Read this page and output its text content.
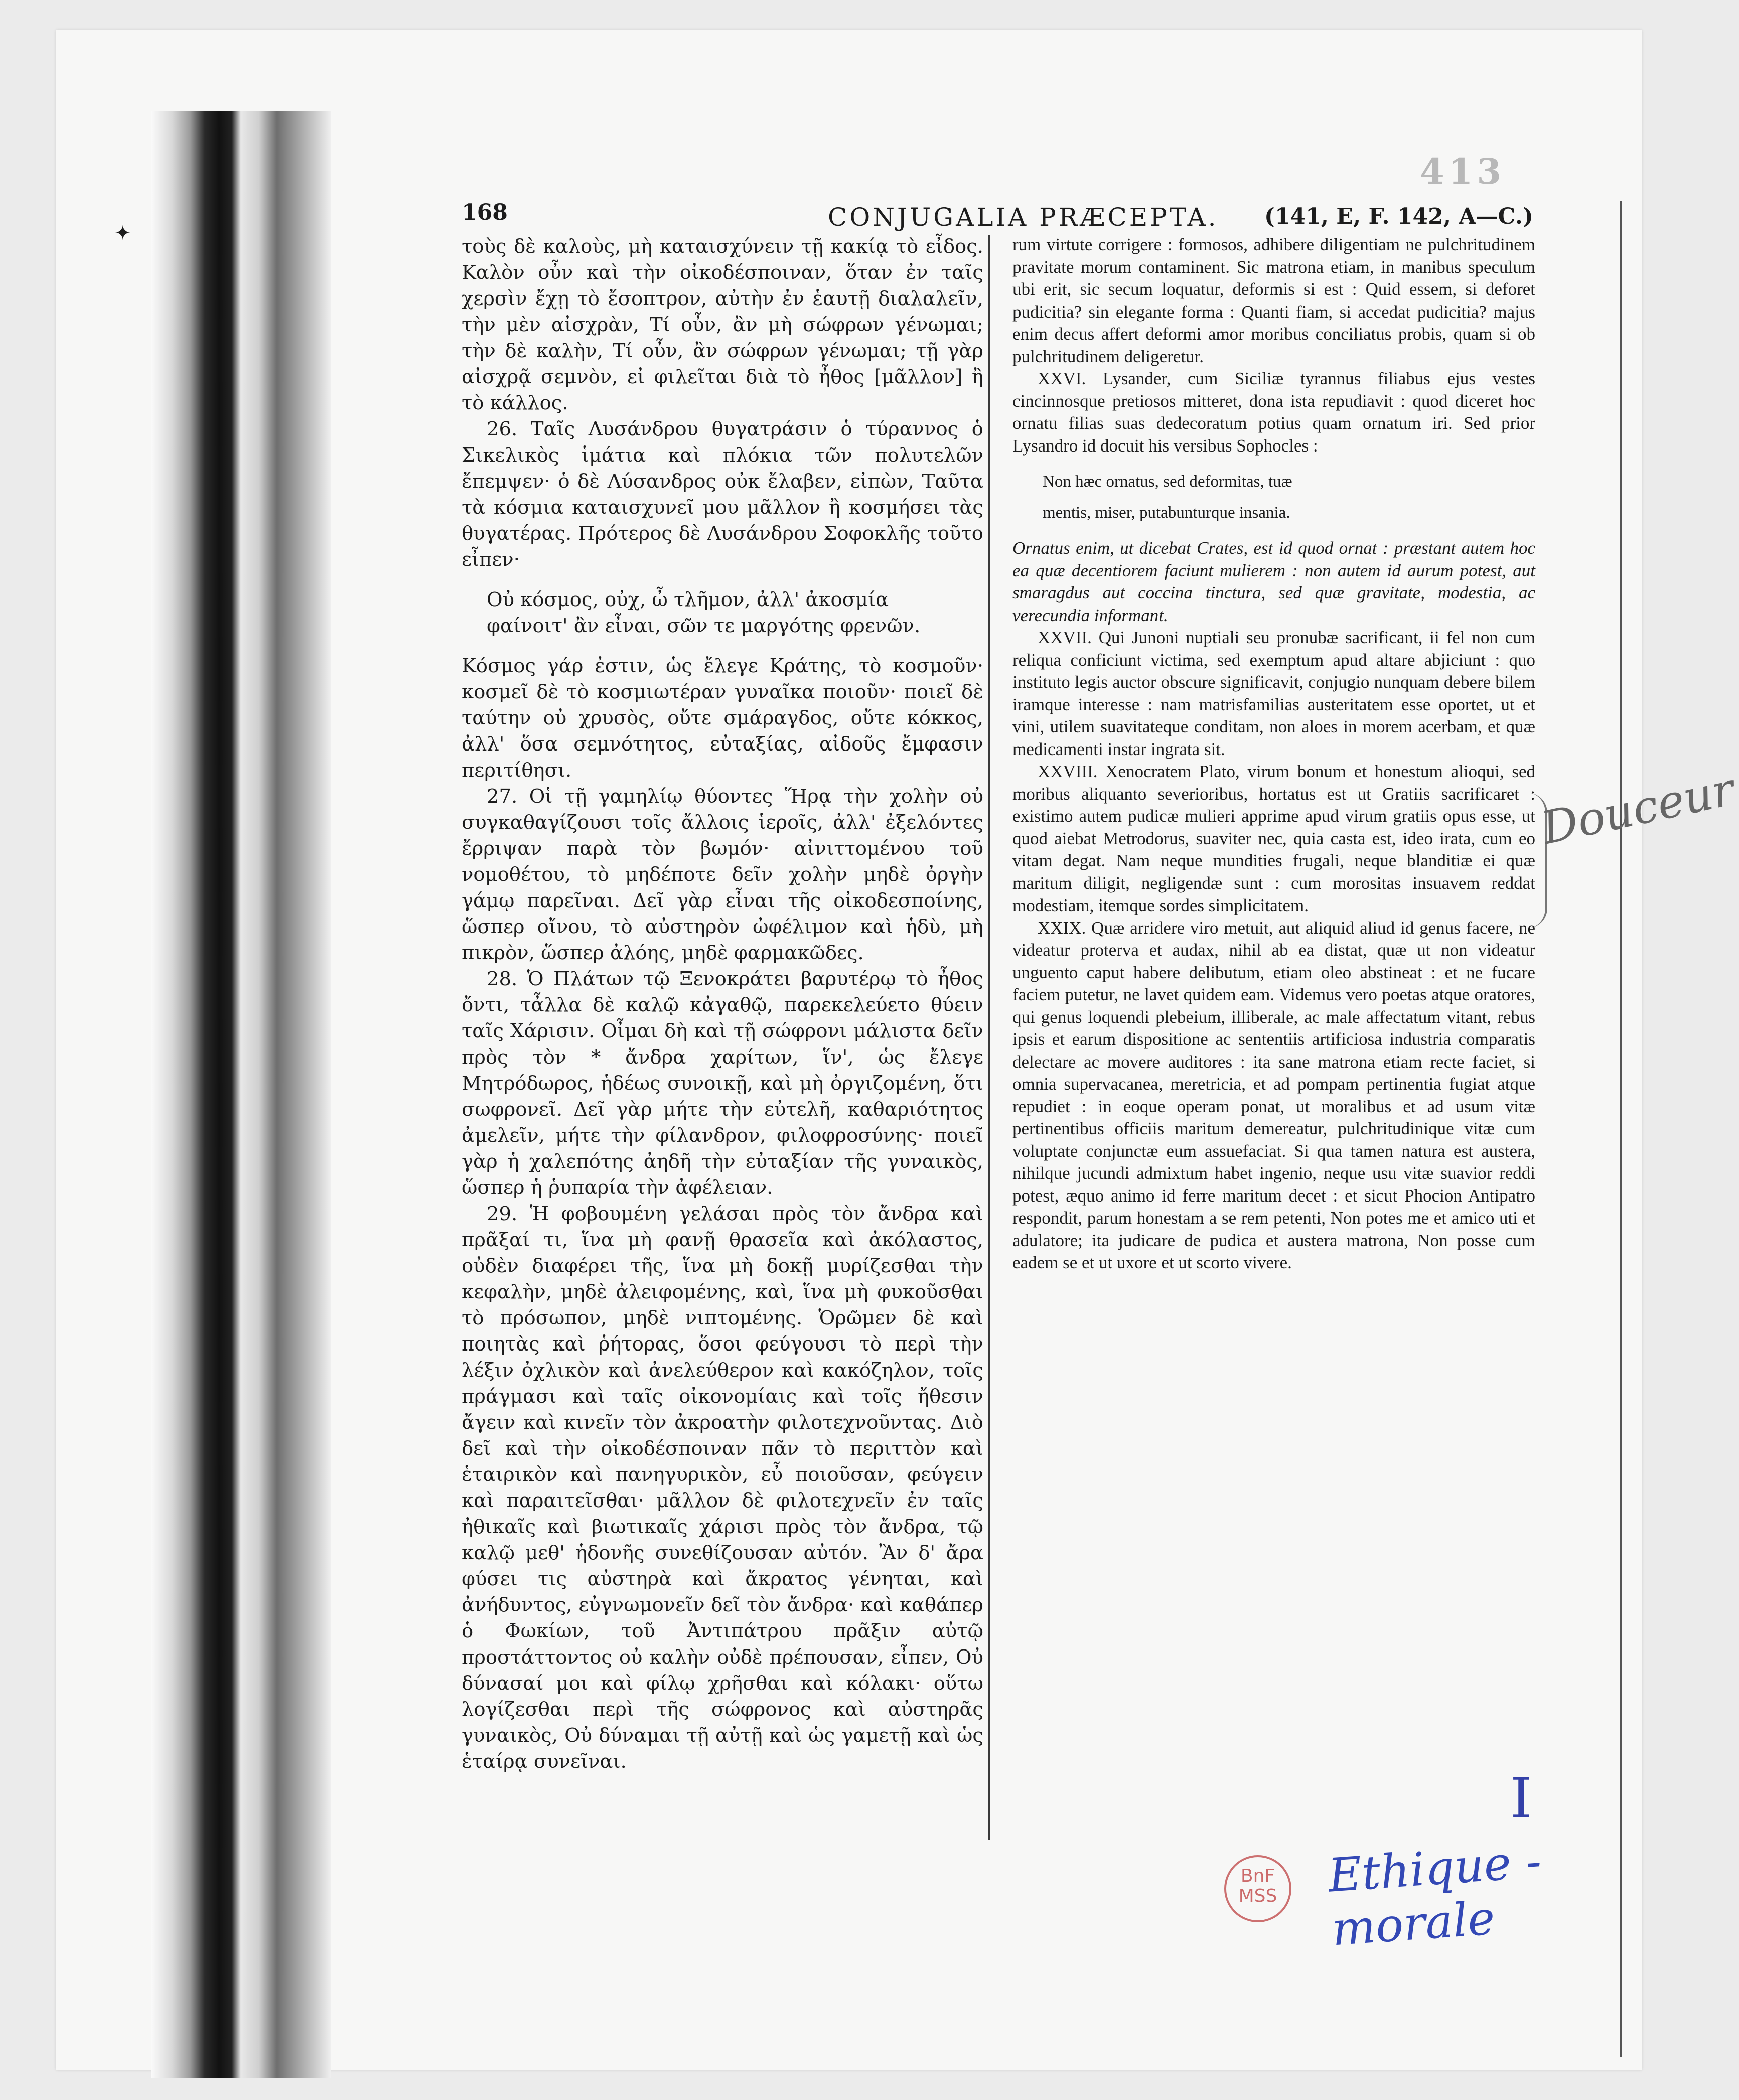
✦
413
168	CONJUGALIA PRÆCEPTA. (141, E, F. 142, A—C.)

τοὺς δὲ καλοὺς, μὴ καταισχύνειν τῇ κακίᾳ τὸ εἶδος. Καλὸν οὖν καὶ τὴν οἰκοδέσποιναν, ὅταν ἐν ταῖς χερσὶν ἔχῃ τὸ ἔσοπτρον, αὐτὴν ἐν ἑαυτῇ διαλαλεῖν, τὴν μὲν αἰσχρὰν, Τί οὖν, ἂν μὴ σώφρων γένωμαι; τὴν δὲ καλὴν, Τί οὖν, ἂν σώφρων γένωμαι; τῇ γὰρ αἰσχρᾷ σεμνὸν, εἰ φιλεῖται διὰ τὸ ἦθος [μᾶλλον] ἢ τὸ κάλλος.

26. Ταῖς Λυσάνδρου θυγατράσιν ὁ τύραννος ὁ Σικελικὸς ἱμάτια καὶ πλόκια τῶν πολυτελῶν ἔπεμψεν· ὁ δὲ Λύσανδρος οὐκ ἔλαβεν, εἰπὼν, Ταῦτα τὰ κόσμια καταισχυνεῖ μου μᾶλλον ἢ κοσμήσει τὰς θυγατέρας. Πρότερος δὲ Λυσάνδρου Σοφοκλῆς τοῦτο εἶπεν·

Οὐ κόσμος, οὐχ, ὦ τλῆμον, ἀλλ' ἀκοσμία
φαίνοιτ' ἂν εἶναι, σῶν τε μαργότης φρενῶν.

Κόσμος γάρ ἐστιν, ὡς ἔλεγε Κράτης, τὸ κοσμοῦν· κοσμεῖ δὲ τὸ κοσμιωτέραν γυναῖκα ποιοῦν· ποιεῖ δὲ ταύτην οὐ χρυσὸς, οὔτε σμάραγδος, οὔτε κόκκος, ἀλλ' ὅσα σεμνότητος, εὐταξίας, αἰδοῦς ἔμφασιν περιτίθησι.

27. Οἱ τῇ γαμηλίῳ θύοντες Ἥρᾳ τὴν χολὴν οὐ συγκαθαγίζουσι τοῖς ἄλλοις ἱεροῖς, ἀλλ' ἐξελόντες ἔρριψαν παρὰ τὸν βωμόν· αἰνιττομένου τοῦ νομοθέτου, τὸ μηδέποτε δεῖν χολὴν μηδὲ ὀργὴν γάμῳ παρεῖναι. Δεῖ γὰρ εἶναι τῆς οἰκοδεσποίνης, ὥσπερ οἴνου, τὸ αὐστηρὸν ὠφέλιμον καὶ ἡδὺ, μὴ πικρὸν, ὥσπερ ἀλόης, μηδὲ φαρμακῶδες.

28. Ὁ Πλάτων τῷ Ξενοκράτει βαρυτέρῳ τὸ ἦθος ὄντι, τἆλλα δὲ καλῷ κἀγαθῷ, παρεκελεύετο θύειν ταῖς Χάρισιν. Οἶμαι δὴ καὶ τῇ σώφρονι μάλιστα δεῖν πρὸς τὸν * ἄνδρα χαρίτων, ἵν', ὡς ἔλεγε Μητρόδωρος, ἡδέως συνοικῇ, καὶ μὴ ὀργιζομένη, ὅτι σωφρονεῖ. Δεῖ γὰρ μήτε τὴν εὐτελῆ, καθαριότητος ἀμελεῖν, μήτε τὴν φίλανδρον, φιλοφροσύνης· ποιεῖ γὰρ ἡ χαλεπότης ἀηδῆ τὴν εὐταξίαν τῆς γυναικὸς, ὥσπερ ἡ ῥυπαρία τὴν ἀφέλειαν.

29. Ἡ φοβουμένη γελάσαι πρὸς τὸν ἄνδρα καὶ πρᾶξαί τι, ἵνα μὴ φανῇ θρασεῖα καὶ ἀκόλαστος, οὐδὲν διαφέρει τῆς, ἵνα μὴ δοκῇ μυρίζεσθαι τὴν κεφαλὴν, μηδὲ ἀλειφομένης, καὶ, ἵνα μὴ φυκοῦσθαι τὸ πρόσωπον, μηδὲ νιπτομένης. Ὁρῶμεν δὲ καὶ ποιητὰς καὶ ῥήτορας, ὅσοι φεύγουσι τὸ περὶ τὴν λέξιν ὀχλικὸν καὶ ἀνελεύθερον καὶ κακόζηλον, τοῖς πράγμασι καὶ ταῖς οἰκονομίαις καὶ τοῖς ἤθεσιν ἄγειν καὶ κινεῖν τὸν ἀκροατὴν φιλοτεχνοῦντας. Διὸ δεῖ καὶ τὴν οἰκοδέσποιναν πᾶν τὸ περιττὸν καὶ ἑταιρικὸν καὶ πανηγυρικὸν, εὖ ποιοῦσαν, φεύγειν καὶ παραιτεῖσθαι· μᾶλλον δὲ φιλοτεχνεῖν ἐν ταῖς ἠθικαῖς καὶ βιωτικαῖς χάρισι πρὸς τὸν ἄνδρα, τῷ καλῷ μεθ' ἡδονῆς συνεθίζουσαν αὐτόν. Ἂν δ' ἄρα φύσει τις αὐστηρὰ καὶ ἄκρατος γένηται, καὶ ἀνήδυντος, εὐγνωμονεῖν δεῖ τὸν ἄνδρα· καὶ καθάπερ ὁ Φωκίων, τοῦ Ἀντιπάτρου πρᾶξιν αὐτῷ προστάττοντος οὐ καλὴν οὐδὲ πρέπουσαν, εἶπεν, Οὐ δύνασαί μοι καὶ φίλῳ χρῆσθαι καὶ κόλακι· οὕτω λογίζεσθαι περὶ τῆς σώφρονος καὶ αὐστηρᾶς γυναικὸς, Οὐ δύναμαι τῇ αὐτῇ καὶ ὡς γαμετῇ καὶ ὡς ἑταίρᾳ συνεῖναι.

rum virtute corrigere : formosos, adhibere diligentiam ne pulchritudinem pravitate morum contaminent. Sic matrona etiam, in manibus speculum ubi erit, sic secum loquatur, deformis si est : Quid essem, si deforet pudicitia? sin elegante forma : Quanti fiam, si accedat pudicitia? majus enim decus affert deformi amor moribus conciliatus probis, quam si ob pulchritudinem deligeretur.

XXVI. Lysander, cum Siciliæ tyrannus filiabus ejus vestes cincinnosque pretiosos mitteret, dona ista repudiavit : quod diceret hoc ornatu filias suas dedecoratum potius quam ornatum iri. Sed prior Lysandro id docuit his versibus Sophocles :

Non hæc ornatus, sed deformitas, tuæ
mentis, miser, putabunturque insania.

Ornatus enim, ut dicebat Crates, est id quod ornat : præstant autem hoc ea quæ decentiorem faciunt mulierem : non autem id aurum potest, aut smaragdus aut coccina tinctura, sed quæ gravitate, modestia, ac verecundia informant.

XXVII. Qui Junoni nuptiali seu pronubæ sacrificant, ii fel non cum reliqua conficiunt victima, sed exemptum apud altare abjiciunt : quo instituto legis auctor obscure significavit, conjugio nunquam debere bilem iramque interesse : nam matrisfamilias austeritatem esse oportet, ut et vini, utilem suavitateque conditam, non aloes in morem acerbam, et quæ medicamenti instar ingrata sit.

XXVIII. Xenocratem Plato, virum bonum et honestum alioqui, sed moribus aliquanto severioribus, hortatus est ut Gratiis sacrificaret : existimo autem pudicæ mulieri apprime apud virum gratiis opus esse, ut quod aiebat Metrodorus, suaviter nec, quia casta est, ideo irata, cum eo vitam degat. Nam neque mundities frugali, neque blanditiæ ei quæ maritum diligit, negligendæ sunt : cum morositas insuavem reddat modestiam, itemque sordes simplicitatem.

XXIX. Quæ arridere viro metuit, aut aliquid aliud id genus facere, ne videatur proterva et audax, nihil ab ea distat, quæ ut non videatur unguento caput habere delibutum, etiam oleo abstineat : et ne fucare faciem putetur, ne lavet quidem eam. Videmus vero poetas atque oratores, qui genus loquendi plebeium, illiberale, ac male affectatum vitant, rebus ipsis et earum dispositione ac sententiis artificiosa industria comparatis delectare ac movere auditores : ita sane matrona etiam recte faciet, si omnia supervacanea, meretricia, et ad pompam pertinentia fugiat atque repudiet : in eoque operam ponat, ut moralibus et ad usum vitæ pertinentibus officiis maritum demereatur, pulchritudinique vitæ cum voluptate conjunctæ eum assuefaciat. Si qua tamen natura est austera, nihilque jucundi admixtum habet ingenio, neque usu vitæ suavior reddi potest, æquo animo id ferre maritum decet : et sicut Phocion Antipatro respondit, parum honestam a se rem petenti, Non potes me et amico uti et adulatore; ita judicare de pudica et austera matrona, Non posse cum eadem se et ut uxore et ut scorto vivere.

Douceur
I
Ethique - morale
BnF
MSS
